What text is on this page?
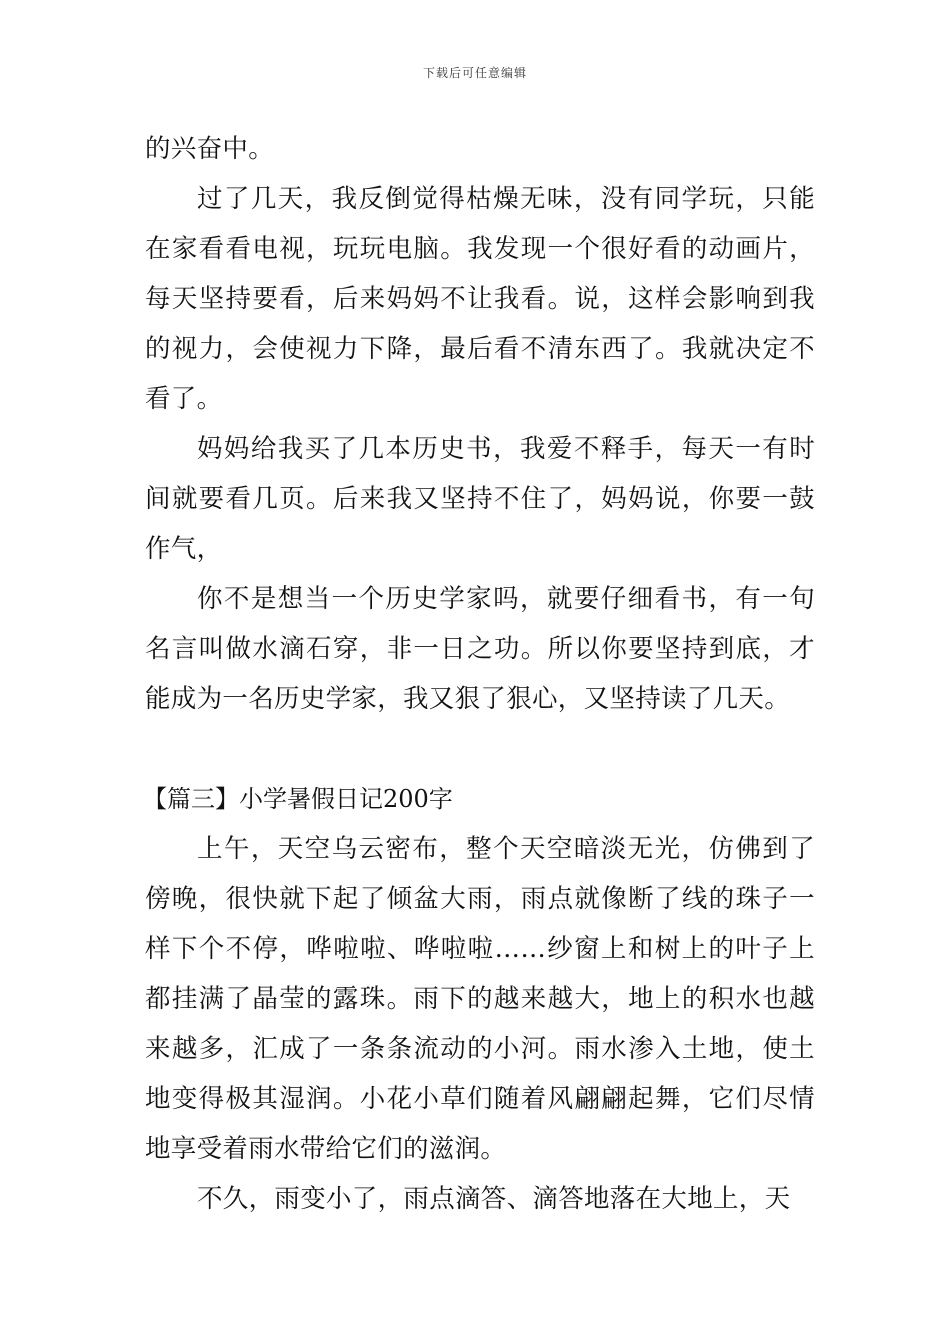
下载后可任意编辑

的兴奋中。

过了几天，我反倒觉得枯燥无味，没有同学玩，只能在家看看电视，玩玩电脑。我发现一个很好看的动画片，每天坚持要看，后来妈妈不让我看。说，这样会影响到我的视力，会使视力下降，最后看不清东西了。我就决定不看了。

妈妈给我买了几本历史书，我爱不释手，每天一有时间就要看几页。后来我又坚持不住了，妈妈说，你要一鼓作气，

你不是想当一个历史学家吗，就要仔细看书，有一句名言叫做水滴石穿，非一日之功。所以你要坚持到底，才能成为一名历史学家，我又狠了狠心，又坚持读了几天。

【篇三】小学暑假日记200字

上午，天空乌云密布，整个天空暗淡无光，仿佛到了傍晚，很快就下起了倾盆大雨，雨点就像断了线的珠子一样下个不停，哗啦啦、哗啦啦……纱窗上和树上的叶子上都挂满了晶莹的露珠。雨下的越来越大，地上的积水也越来越多，汇成了一条条流动的小河。雨水渗入土地，使土地变得极其湿润。小花小草们随着风翩翩起舞，它们尽情地享受着雨水带给它们的滋润。

不久，雨变小了，雨点滴答、滴答地落在大地上，天
